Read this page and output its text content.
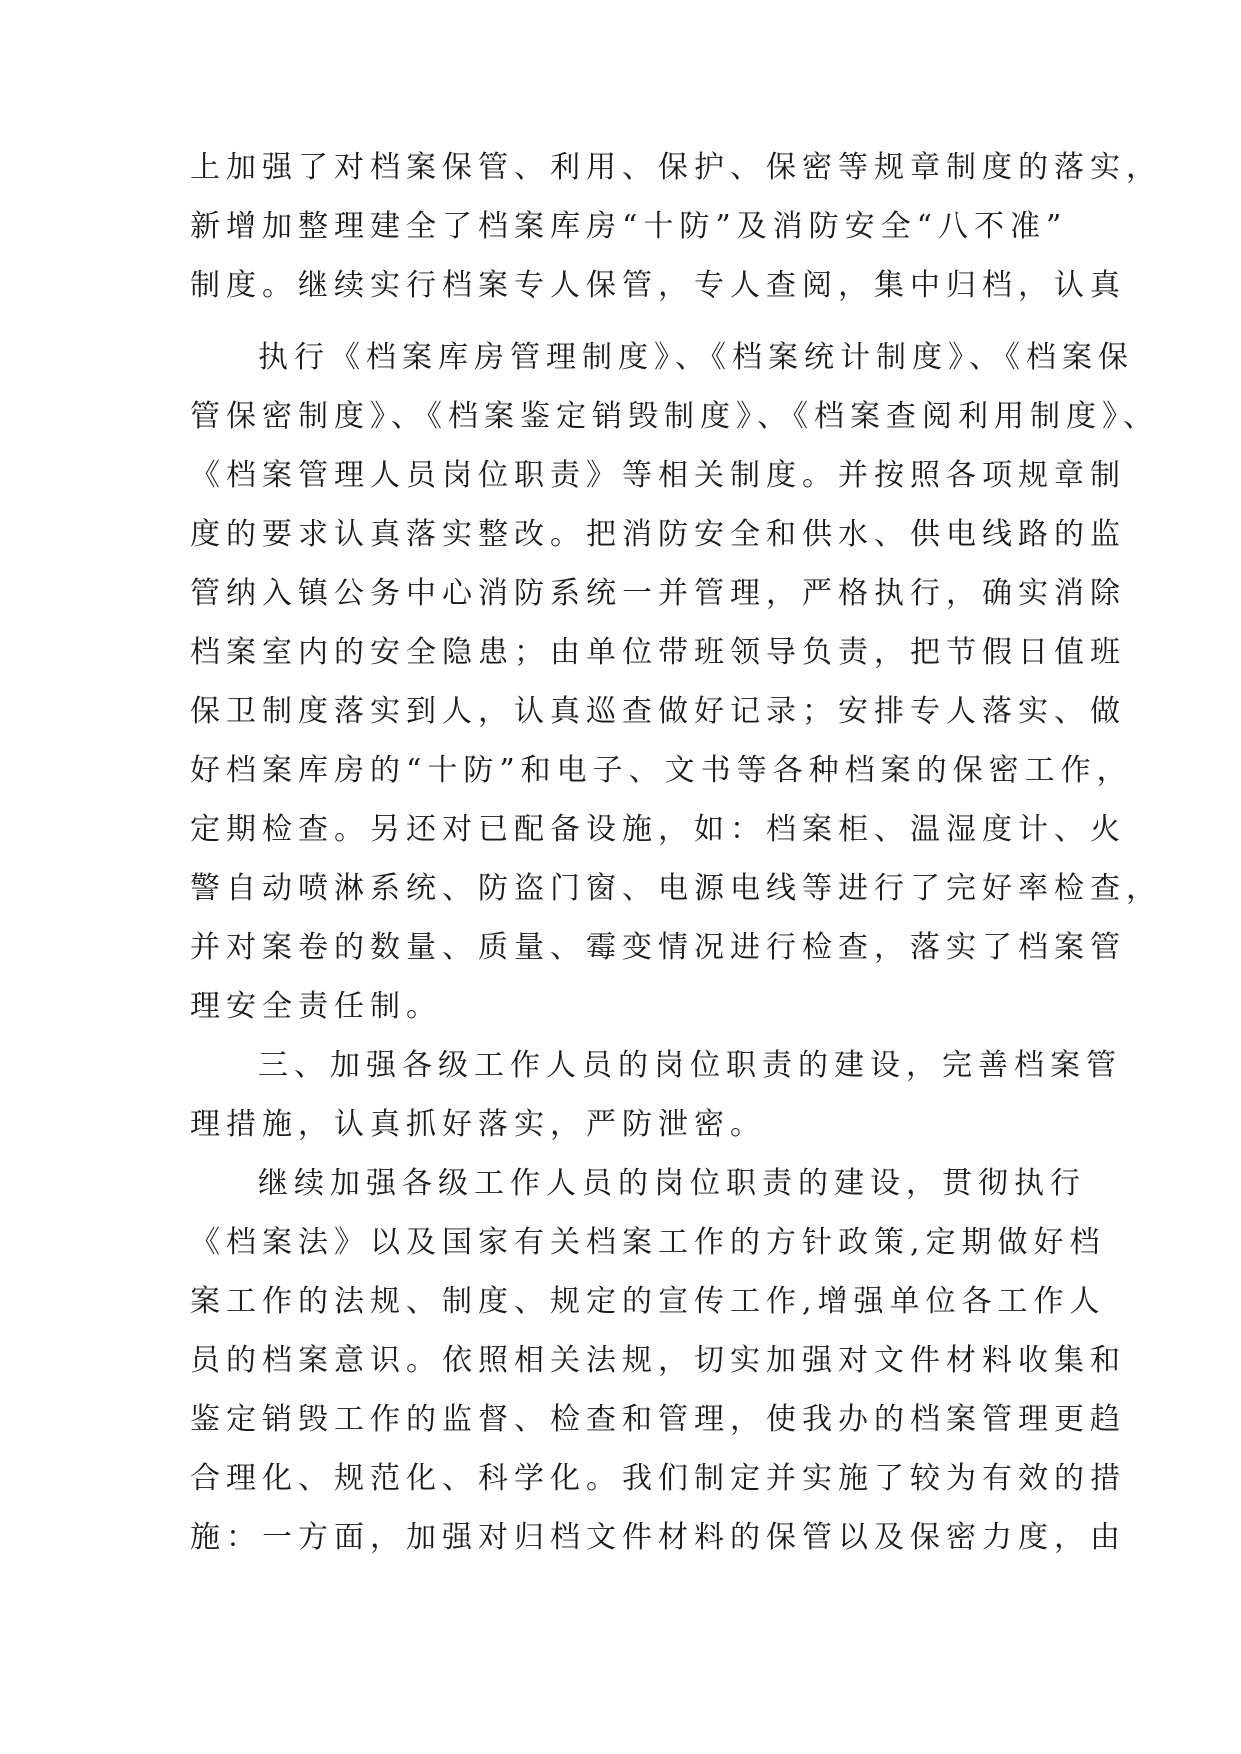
上加强了对档案保管、利用、保护、保密等规章制度的落实，
新增加整理建全了档案库房“十防”及消防安全“八不准”
制度。继续实行档案专人保管，专人查阅，集中归档，认真
执行《档案库房管理制度》、《档案统计制度》、《档案保
管保密制度》、《档案鉴定销毁制度》、《档案查阅利用制度》、
《档案管理人员岗位职责》等相关制度。并按照各项规章制
度的要求认真落实整改。把消防安全和供水、供电线路的监
管纳入镇公务中心消防系统一并管理，严格执行，确实消除
档案室内的安全隐患；由单位带班领导负责，把节假日值班
保卫制度落实到人，认真巡查做好记录；安排专人落实、做
好档案库房的“十防”和电子、文书等各种档案的保密工作，
定期检查。另还对已配备设施，如：档案柜、温湿度计、火
警自动喷淋系统、防盗门窗、电源电线等进行了完好率检查，
并对案卷的数量、质量、霉变情况进行检查，落实了档案管
理安全责任制。
三、加强各级工作人员的岗位职责的建设，完善档案管
理措施，认真抓好落实，严防泄密。
继续加强各级工作人员的岗位职责的建设，贯彻执行
《档案法》以及国家有关档案工作的方针政策,定期做好档
案工作的法规、制度、规定的宣传工作,增强单位各工作人
员的档案意识。依照相关法规，切实加强对文件材料收集和
鉴定销毁工作的监督、检查和管理，使我办的档案管理更趋
合理化、规范化、科学化。我们制定并实施了较为有效的措
施：一方面，加强对归档文件材料的保管以及保密力度，由
